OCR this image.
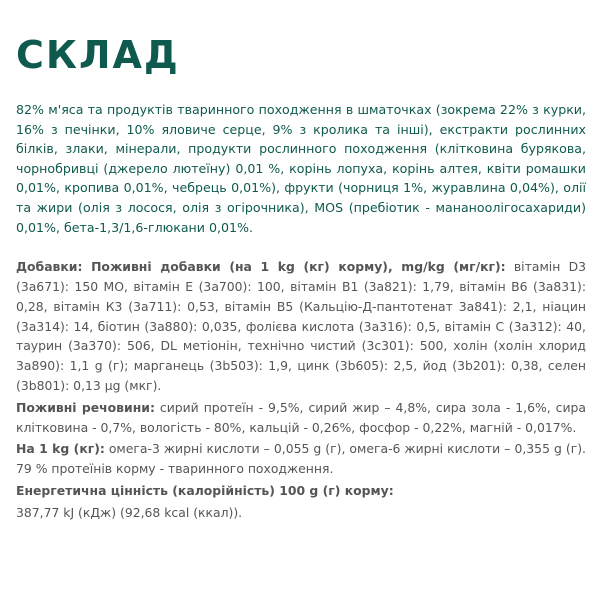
СКЛАД

82% м'яса та продуктів тваринного походження в шматочках (зокрема 22% з курки, 16% з печінки, 10% яловиче серце, 9% з кролика та інші), екстракти рослинних білків, злаки, мінерали, продукти рослинного походження (клітковина бурякова, чорнобривці (джерело лютеїну) 0,01 %, корінь лопуха, корінь алтея, квіти ромашки 0,01%, кропива 0,01%, чебрець 0,01%), фрукти (чорниця 1%, журавлина 0,04%), олії та жири (олія з лосося, олія з огірочника), MOS (пребіотик - мананоолігосахариди) 0,01%, бета-1,3/1,6-глюкани 0,01%.

Добавки: Поживні добавки (на 1 kg (кг) корму), mg/kg (мг/кг): вітамін D3 (3a671): 150 МО, вітамін Е (3a700): 100, вітамін В1 (3a821): 1,79, вітамін В6 (3a831): 0,28, вітамін К3 (3a711): 0,53, вітамін В5 (Кальцію-Д-пантотенат 3a841): 2,1, ніацин (3a314): 14, біотин (3a880): 0,035, фолієва кислота (3a316): 0,5, вітамін С (3a312): 40, таурин (3a370): 506, DL метіонін, технічно чистий (3c301): 500, холін (холін хлорид 3a890): 1,1 g (г); марганець (3b503): 1,9, цинк (3b605): 2,5, йод (3b201): 0,38, селен (3b801): 0,13 µg (мкг).

Поживні речовини: сирий протеїн - 9,5%, сирий жир – 4,8%, сира зола - 1,6%, сира клітковина - 0,7%, вологість - 80%, кальцій - 0,26%, фосфор - 0,22%, магній - 0,017%.

На 1 kg (кг): омега-3 жирні кислоти – 0,055 g (г), омега-6 жирні кислоти – 0,355 g (г). 79 % протеїнів корму - тваринного походження.

Енергетична цінність (калорійність) 100 g (г) корму:

387,77 kJ (кДж) (92,68 kcal (ккал)).
